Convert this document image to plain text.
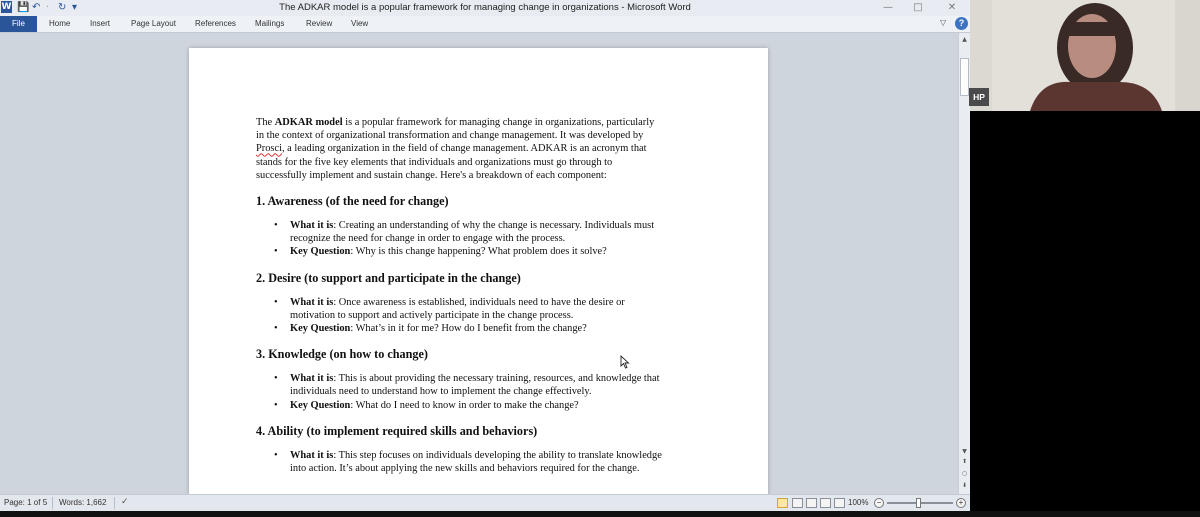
W 💾 ↶ · ↻ ▾	The ADKAR model is a popular framework for managing change in organizations - Microsoft Word	—	□	✕
File	Home Insert	Page Layout References Mailings	Review View	▽	?

The ADKAR model is a popular framework for managing change in organizations, particularly
in the context of organizational transformation and change management. It was developed by
Prosci, a leading organization in the field of change management. ADKAR is an acronym that
stands for the five key elements that individuals and organizations must go through to
successfully implement and sustain change. Here's a breakdown of each component:

1. Awareness (of the need for change)
• What it is: Creating an understanding of why the change is necessary. Individuals must
recognize the need for change in order to engage with the process.
• Key Question: Why is this change happening? What problem does it solve?
2. Desire (to support and participate in the change)
• What it is: Once awareness is established, individuals need to have the desire or
motivation to support and actively participate in the change process.
• Key Question: What’s in it for me? How do I benefit from the change?
3. Knowledge (on how to change)
• What it is: This is about providing the necessary training, resources, and knowledge that
individuals need to understand how to implement the change effectively.
• Key Question: What do I need to know in order to make the change?
4. Ability (to implement required skills and behaviors)
• What it is: This step focuses on individuals developing the ability to translate knowledge
into action. It’s about applying the new skills and behaviors required for the change.
▲
▼
⬆
○
⬇
Page: 1 of 5 Words: 1,662 ✓	100%	−	+
HP
